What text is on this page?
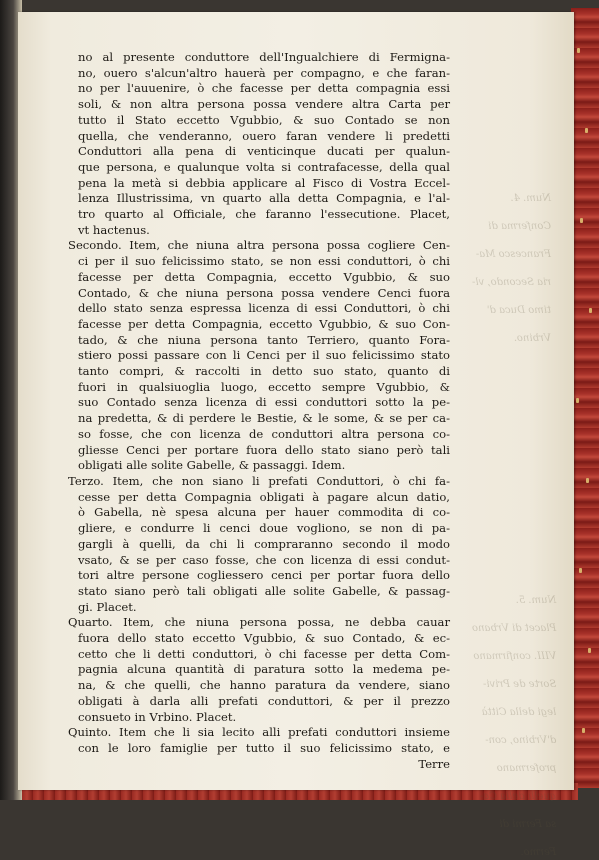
Num. 4.

Conferma di

Francesco Ma-

ria Secondo, vl-

timo Duca d'

Vrbino.

Num. 5.

Placet di Vrbano

VIII. confirmano

Sorte de Privi-

legi della Città

d'Vrbino, con-

profermano

quelli della Ca-

sa Fermi di

Fermo.

no al presente conduttore dell'Ingualchiere di Fermigna-
no, ouero s'alcun'altro hauerà per compagno, e che faran-
no per l'auuenire, ò che facesse per detta compagnia essi
soli, & non altra persona possa vendere altra Carta per
tutto il Stato eccetto Vgubbio, & suo Contado se non
quella, che venderanno, ouero faran vendere li predetti
Conduttori alla pena di venticinque ducati per qualun-
que persona, e qualunque volta si contrafacesse, della qual
pena la metà si debbia applicare al Fisco di Vostra Eccel-
lenza Illustrissima, vn quarto alla detta Compagnia, e l'al-
tro quarto al Officiale, che faranno l'essecutione. Placet,
vt hactenus.
Secondo. Item, che niuna altra persona possa cogliere Cen-
ci per il suo felicissimo stato, se non essi conduttori, ò chi
facesse per detta Compagnia, eccetto Vgubbio, & suo
Contado, & che niuna persona possa vendere Cenci fuora
dello stato senza espressa licenza di essi Conduttori, ò chi
facesse per detta Compagnia, eccetto Vgubbio, & suo Con-
tado, & che niuna persona tanto Terriero, quanto Fora-
stiero possi passare con li Cenci per il suo felicissimo stato
tanto compri, & raccolti in detto suo stato, quanto di
fuori in qualsiuoglia luogo, eccetto sempre Vgubbio, &
suo Contado senza licenza di essi conduttori sotto la pe-
na predetta, & di perdere le Bestie, & le some, & se per ca-
so fosse, che con licenza de conduttori altra persona co-
gliesse Cenci per portare fuora dello stato siano però tali
obligati alle solite Gabelle, & passaggi. Idem.
Terzo. Item, che non siano li prefati Conduttori, ò chi fa-
cesse per detta Compagnia obligati à pagare alcun datio,
ò Gabella, nè spesa alcuna per hauer commodita di co-
gliere, e condurre li cenci doue vogliono, se non di pa-
gargli à quelli, da chi li compraranno secondo il modo
vsato, & se per caso fosse, che con licenza di essi condut-
tori altre persone cogliessero cenci per portar fuora dello
stato siano però tali obligati alle solite Gabelle, & passag-
gi. Placet.
Quarto. Item, che niuna persona possa, ne debba cauar
fuora dello stato eccetto Vgubbio, & suo Contado, & ec-
cetto che li detti conduttori, ò chi facesse per detta Com-
pagnia alcuna quantità di paratura sotto la medema pe-
na, & che quelli, che hanno paratura da vendere, siano
obligati à darla alli prefati conduttori, & per il prezzo
consueto in Vrbino. Placet.
Quinto. Item che li sia lecito alli prefati conduttori insieme
con le loro famiglie per tutto il suo felicissimo stato, e
Terre
